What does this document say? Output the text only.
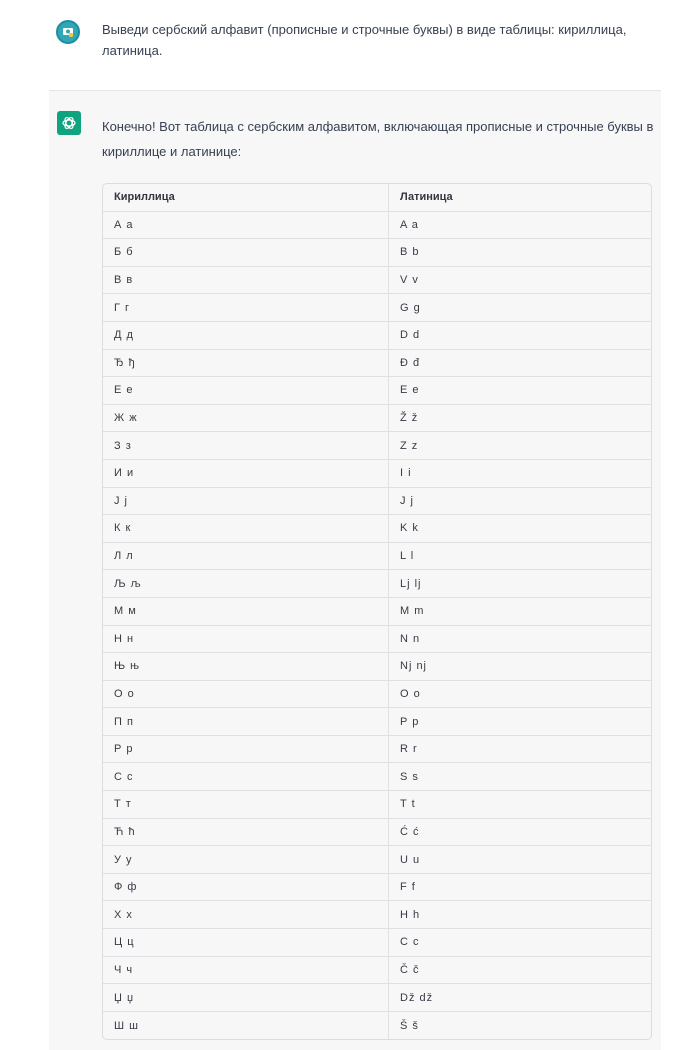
Выведи сербский алфавит (прописные и строчные буквы) в виде таблицы: кириллица, латиница.
Конечно! Вот таблица с сербским алфавитом, включающая прописные и строчные буквы в кириллице и латинице:
Кириллица	Латиница
А а	A a
Б б	B b
В в	V v
Г г	G g
Д д	D d
Ђ ђ	Đ đ
Е е	E e
Ж ж	Ž ž
З з	Z z
И и	I i
Ј ј	J j
К к	K k
Л л	L l
Љ љ	Lj lj
М м	M m
Н н	N n
Њ њ	Nj nj
О о	O o
П п	P p
Р р	R r
С с	S s
Т т	T t
Ћ ћ	Ć ć
У у	U u
Ф ф	F f
Х х	H h
Ц ц	C c
Ч ч	Č č
Џ џ	Dž dž
Ш ш	Š š
